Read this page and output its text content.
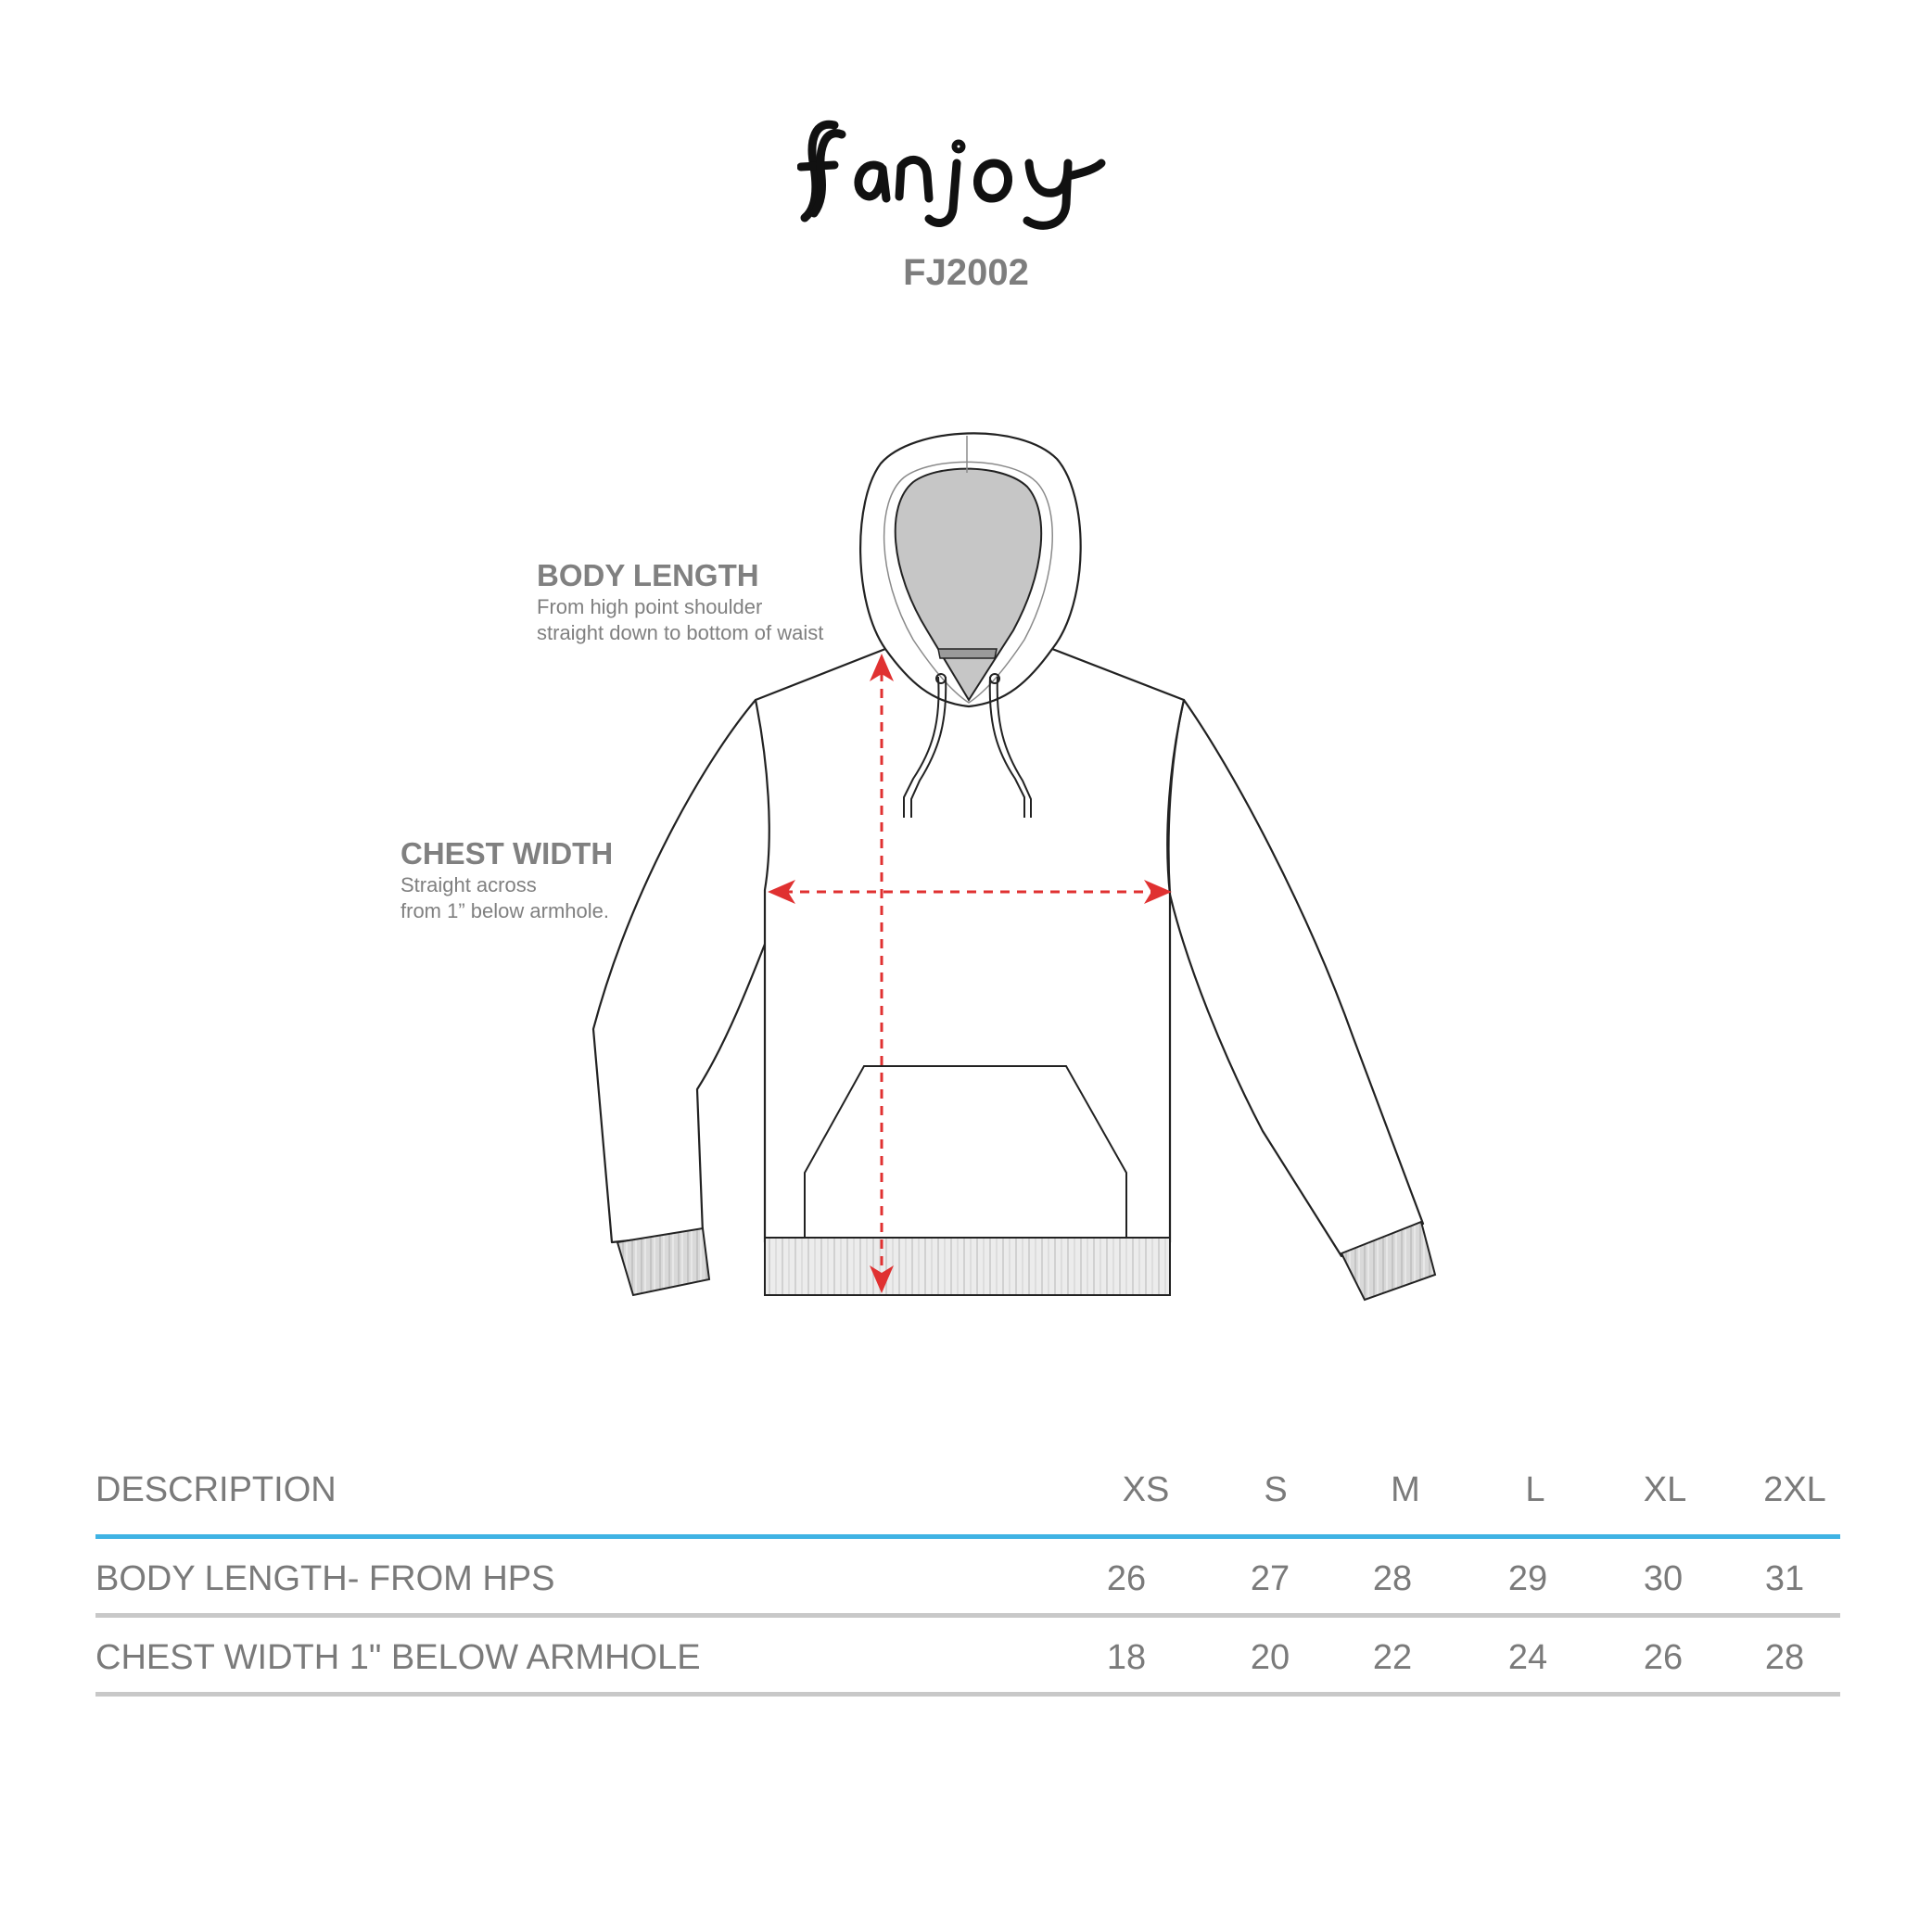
FJ2002
BODY LENGTH
From high point shoulder
straight down to bottom of waist
CHEST WIDTH
Straight across
from 1” below armhole.
DESCRIPTION	XS	S	M	L	XL	2XL
BODY LENGTH- FROM HPS	26	27	28	29	30	31
CHEST WIDTH 1" BELOW ARMHOLE	18	20	22	24	26	28
